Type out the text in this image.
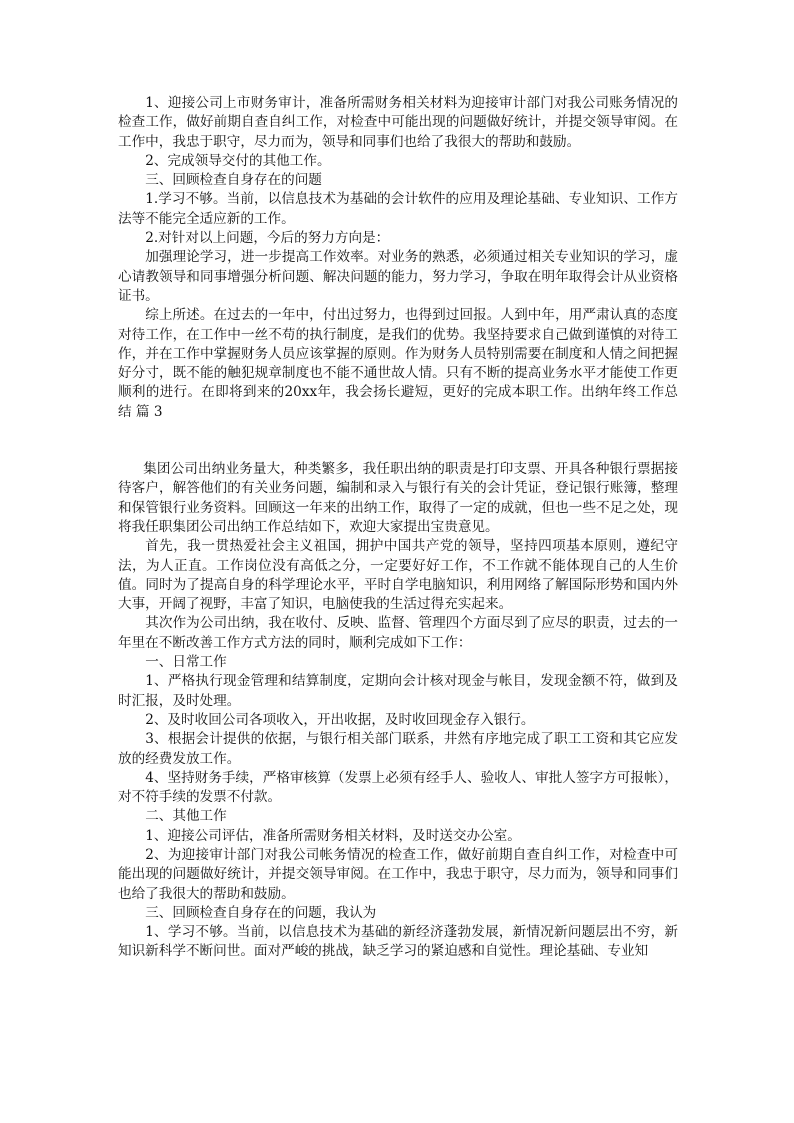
1、迎接公司上市财务审计，准备所需财务相关材料为迎接审计部门对我公司账务情况的检查工作，做好前期自查自纠工作，对检查中可能出现的问题做好统计，并提交领导审阅。在工作中，我忠于职守，尽力而为，领导和同事们也给了我很大的帮助和鼓励。

2、完成领导交付的其他工作。

三、回顾检查自身存在的问题

1.学习不够。当前，以信息技术为基础的会计软件的应用及理论基础、专业知识、工作方法等不能完全适应新的工作。

2.对针对以上问题，今后的努力方向是：

加强理论学习，进一步提高工作效率。对业务的熟悉，必须通过相关专业知识的学习，虚心请教领导和同事增强分析问题、解决问题的能力，努力学习，争取在明年取得会计从业资格证书。

综上所述。在过去的一年中，付出过努力，也得到过回报。人到中年，用严肃认真的态度对待工作，在工作中一丝不苟的执行制度，是我们的优势。我坚持要求自己做到谨慎的对待工作，并在工作中掌握财务人员应该掌握的原则。作为财务人员特别需要在制度和人情之间把握好分寸，既不能的触犯规章制度也不能不通世故人情。只有不断的提高业务水平才能使工作更顺利的进行。在即将到来的20xx年，我会扬长避短，更好的完成本职工作。出纳年终工作总结 篇 3

集团公司出纳业务量大，种类繁多，我任职出纳的职责是打印支票、开具各种银行票据接待客户，解答他们的有关业务问题，编制和录入与银行有关的会计凭证，登记银行账簿，整理和保管银行业务资料。回顾这一年来的出纳工作，取得了一定的成就，但也一些不足之处，现将我任职集团公司出纳工作总结如下，欢迎大家提出宝贵意见。

首先，我一贯热爱社会主义祖国，拥护中国共产党的领导，坚持四项基本原则，遵纪守法，为人正直。工作岗位没有高低之分，一定要好好工作，不工作就不能体现自己的人生价值。同时为了提高自身的科学理论水平，平时自学电脑知识，利用网络了解国际形势和国内外大事，开阔了视野，丰富了知识，电脑使我的生活过得充实起来。

其次作为公司出纳，我在收付、反映、监督、管理四个方面尽到了应尽的职责，过去的一年里在不断改善工作方式方法的同时，顺利完成如下工作：

一、日常工作

1、严格执行现金管理和结算制度，定期向会计核对现金与帐目，发现金额不符，做到及时汇报，及时处理。

2、及时收回公司各项收入，开出收据，及时收回现金存入银行。

3、根据会计提供的依据，与银行相关部门联系，井然有序地完成了职工工资和其它应发放的经费发放工作。

4、坚持财务手续，严格审核算（发票上必须有经手人、验收人、审批人签字方可报帐），对不符手续的发票不付款。

二、其他工作

1、迎接公司评估，准备所需财务相关材料，及时送交办公室。

2、为迎接审计部门对我公司帐务情况的检查工作，做好前期自查自纠工作，对检查中可能出现的问题做好统计，并提交领导审阅。在工作中，我忠于职守，尽力而为，领导和同事们也给了我很大的帮助和鼓励。

三、回顾检查自身存在的问题，我认为

1、学习不够。当前，以信息技术为基础的新经济蓬勃发展，新情况新问题层出不穷，新知识新科学不断问世。面对严峻的挑战，缺乏学习的紧迫感和自觉性。理论基础、专业知
